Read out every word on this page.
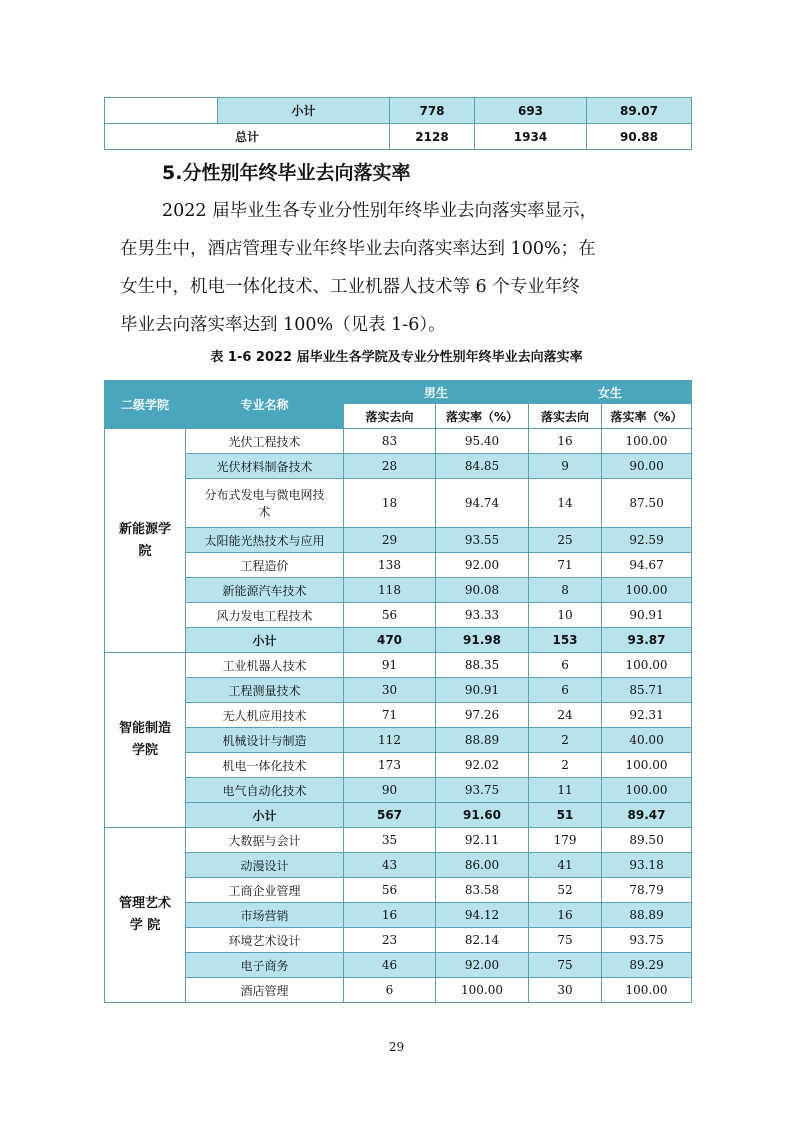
	小计	778	693	89.07
总计		2128	1934	90.88
5.分性别年终毕业去向落实率

2022 届毕业生各专业分性别年终毕业去向落实率显示，
在男生中，酒店管理专业年终毕业去向落实率达到 100%；在
女生中，机电一体化技术、工业机器人技术等 6 个专业年终
毕业去向落实率达到 100%（见表 1-6）。

表 1-6 2022 届毕业生各学院及专业分性别年终毕业去向落实率

二级学院	专业名称	男生		女生	
		落实去向	落实率（%）	落实去向	落实率（%）
新能源学院	光伏工程技术	83	95.40	16	100.00
	光伏材料制备技术	28	84.85	9	90.00
	分布式发电与微电网技术	18	94.74	14	87.50
	太阳能光热技术与应用	29	93.55	25	92.59
	工程造价	138	92.00	71	94.67
	新能源汽车技术	118	90.08	8	100.00
	风力发电工程技术	56	93.33	10	90.91
	小计	470	91.98	153	93.87
智能制造学院	工业机器人技术	91	88.35	6	100.00
	工程测量技术	30	90.91	6	85.71
	无人机应用技术	71	97.26	24	92.31
	机械设计与制造	112	88.89	2	40.00
	机电一体化技术	173	92.02	2	100.00
	电气自动化技术	90	93.75	11	100.00
	小计	567	91.60	51	89.47
管理艺术学 院	大数据与会计	35	92.11	179	89.50
	动漫设计	43	86.00	41	93.18
	工商企业管理	56	83.58	52	78.79
	市场营销	16	94.12	16	88.89
	环境艺术设计	23	82.14	75	93.75
	电子商务	46	92.00	75	89.29
	酒店管理	6	100.00	30	100.00

29
